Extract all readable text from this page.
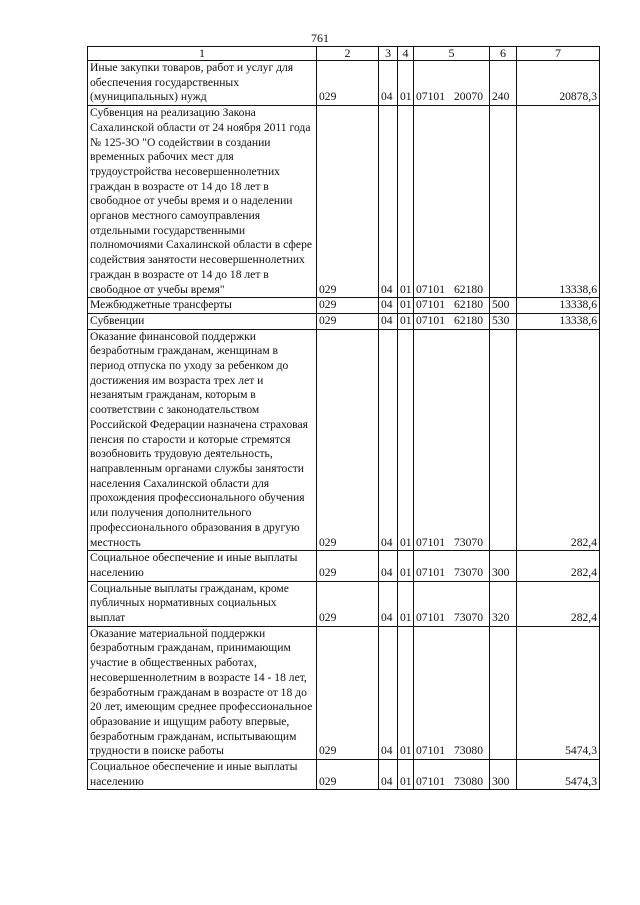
761
1	2	3	4	5	6	7
Иные закупки товаров, работ и услуг для обеспечения государственных (муниципальных) нужд	029	04	01	07101 20070	240	20878,3
Субвенция на реализацию Закона Сахалинской области от 24 ноября 2011 года № 125-ЗО "О содействии в создании временных рабочих мест для трудоустройства несовершеннолетних граждан в возрасте от 14 до 18 лет в свободное от учебы время и о наделении органов местного самоуправления отдельными государственными полномочиями Сахалинской области в сфере содействия занятости несовершеннолетних граждан в возрасте от 14 до 18 лет в свободное от учебы время"	029	04	01	07101 62180		13338,6
Межбюджетные трансферты	029	04	01	07101 62180	500	13338,6
Субвенции	029	04	01	07101 62180	530	13338,6
Оказание финансовой поддержки безработным гражданам, женщинам в период отпуска по уходу за ребенком до достижения им возраста трех лет и незанятым гражданам, которым в соответствии с законодательством Российской Федерации назначена страховая пенсия по старости и которые стремятся возобновить трудовую деятельность, направленным органами службы занятости населения Сахалинской области для прохождения профессионального обучения или получения дополнительного профессионального образования в другую местность	029	04	01	07101 73070		282,4
Социальное обеспечение и иные выплаты населению	029	04	01	07101 73070	300	282,4
Социальные выплаты гражданам, кроме публичных нормативных социальных выплат	029	04	01	07101 73070	320	282,4
Оказание материальной поддержки безработным гражданам, принимающим участие в общественных работах, несовершеннолетним в возрасте 14 - 18 лет, безработным гражданам в возрасте от 18 до 20 лет, имеющим среднее профессиональное образование и ищущим работу впервые, безработным гражданам, испытывающим трудности в поиске работы	029	04	01	07101 73080		5474,3
Социальное обеспечение и иные выплаты населению	029	04	01	07101 73080	300	5474,3
